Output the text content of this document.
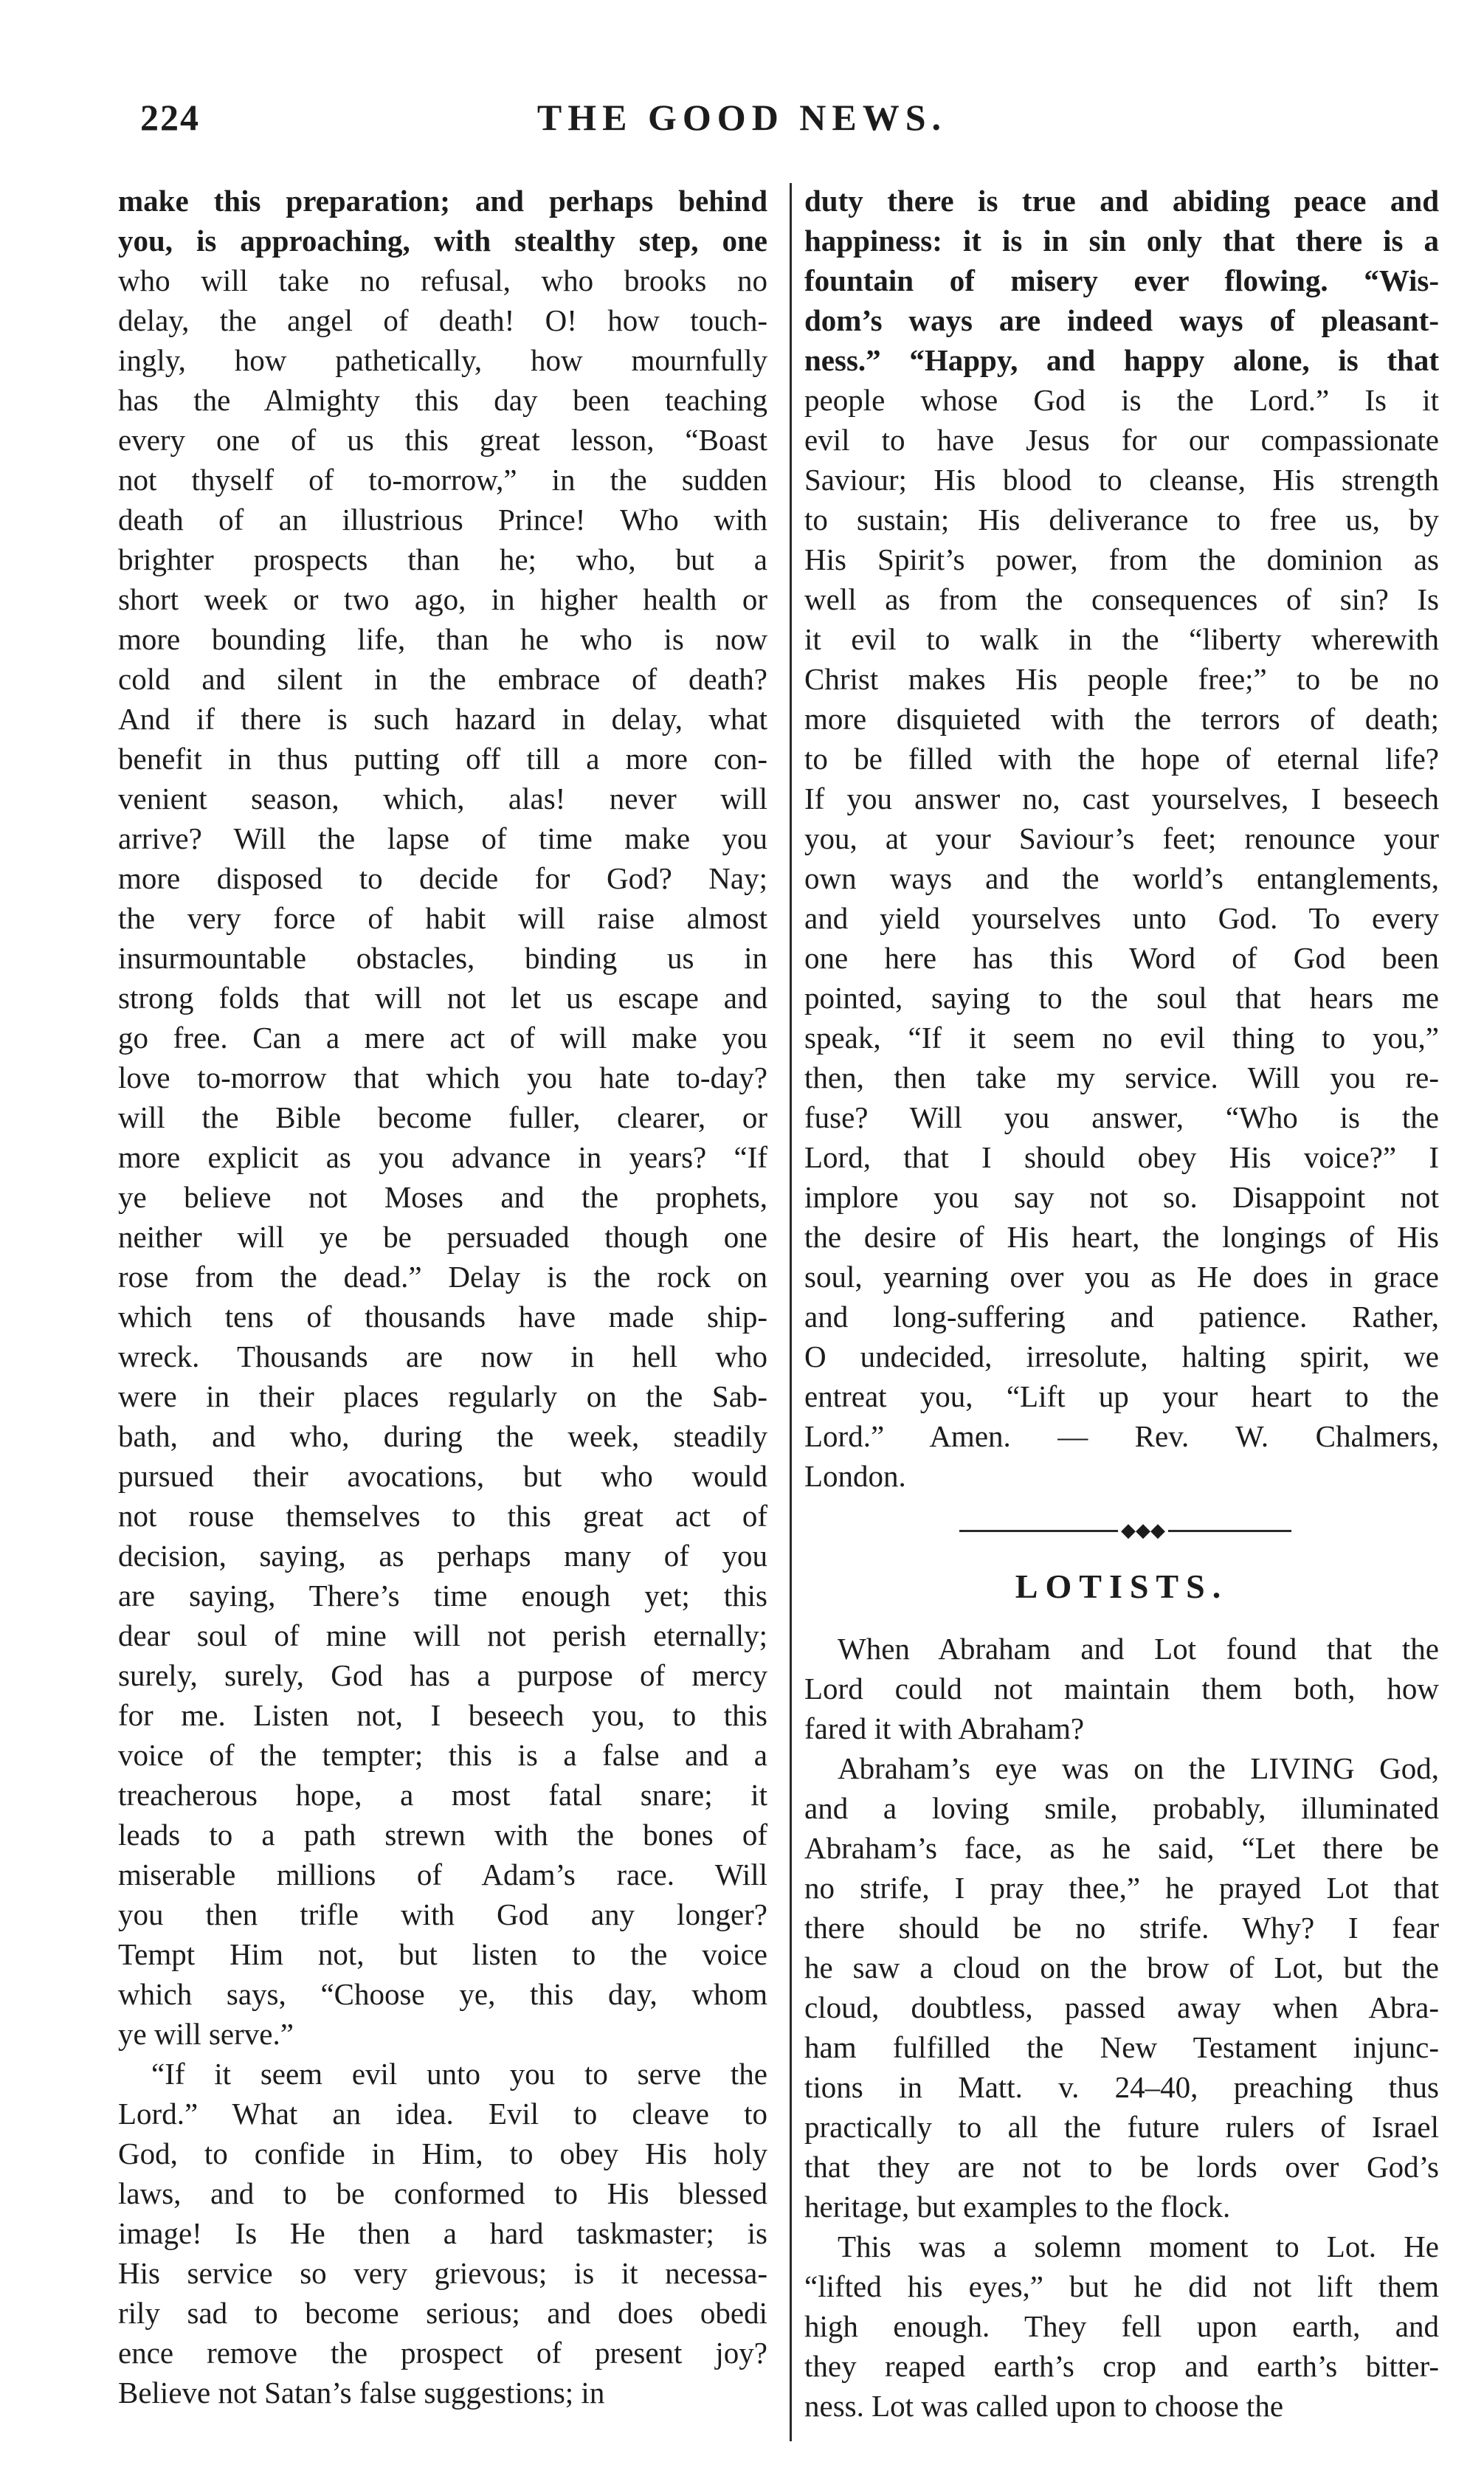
224	THE GOOD NEWS.
make this preparation; and perhaps behind
you, is approaching, with stealthy step, one
who will take no refusal, who brooks no
delay, the angel of death! O! how touch-
ingly, how pathetically, how mournfully
has the Almighty this day been teaching
every one of us this great lesson, “Boast
not thyself of to-morrow,” in the sudden
death of an illustrious Prince! Who with
brighter prospects than he; who, but a
short week or two ago, in higher health or
more bounding life, than he who is now
cold and silent in the embrace of death?
And if there is such hazard in delay, what
benefit in thus putting off till a more con-
venient season, which, alas! never will
arrive? Will the lapse of time make you
more disposed to decide for God? Nay;
the very force of habit will raise almost
insurmountable obstacles, binding us in
strong folds that will not let us escape and
go free. Can a mere act of will make you
love to-morrow that which you hate to-day?
will the Bible become fuller, clearer, or
more explicit as you advance in years? “If
ye believe not Moses and the prophets,
neither will ye be persuaded though one
rose from the dead.” Delay is the rock on
which tens of thousands have made ship-
wreck. Thousands are now in hell who
were in their places regularly on the Sab-
bath, and who, during the week, steadily
pursued their avocations, but who would
not rouse themselves to this great act of
decision, saying, as perhaps many of you
are saying, There’s time enough yet; this
dear soul of mine will not perish eternally;
surely, surely, God has a purpose of mercy
for me. Listen not, I beseech you, to this
voice of the tempter; this is a false and a
treacherous hope, a most fatal snare; it
leads to a path strewn with the bones of
miserable millions of Adam’s race. Will
you then trifle with God any longer?
Tempt Him not, but listen to the voice
which says, “Choose ye, this day, whom
ye will serve.”
“If it seem evil unto you to serve the
Lord.” What an idea. Evil to cleave to
God, to confide in Him, to obey His holy
laws, and to be conformed to His blessed
image! Is He then a hard taskmaster; is
His service so very grievous; is it necessa-
rily sad to become serious; and does obedi
ence remove the prospect of present joy?
Believe not Satan’s false suggestions; in
duty there is true and abiding peace and
happiness: it is in sin only that there is a
fountain of misery ever flowing. “Wis-
dom’s ways are indeed ways of pleasant-
ness.” “Happy, and happy alone, is that
people whose God is the Lord.” Is it
evil to have Jesus for our compassionate
Saviour; His blood to cleanse, His strength
to sustain; His deliverance to free us, by
His Spirit’s power, from the dominion as
well as from the consequences of sin? Is
it evil to walk in the “liberty wherewith
Christ makes His people free;” to be no
more disquieted with the terrors of death;
to be filled with the hope of eternal life?
If you answer no, cast yourselves, I beseech
you, at your Saviour’s feet; renounce your
own ways and the world’s entanglements,
and yield yourselves unto God. To every
one here has this Word of God been
pointed, saying to the soul that hears me
speak, “If it seem no evil thing to you,”
then, then take my service. Will you re-
fuse? Will you answer, “Who is the
Lord, that I should obey His voice?” I
implore you say not so. Disappoint not
the desire of His heart, the longings of His
soul, yearning over you as He does in grace
and long-suffering and patience. Rather,
O undecided, irresolute, halting spirit, we
entreat you, “Lift up your heart to the
Lord.” Amen. — Rev. W. Chalmers,
London.
◆◆◆
LOTISTS.
When Abraham and Lot found that the
Lord could not maintain them both, how
fared it with Abraham?
Abraham’s eye was on the LIVING God,
and a loving smile, probably, illuminated
Abraham’s face, as he said, “Let there be
no strife, I pray thee,” he prayed Lot that
there should be no strife. Why? I fear
he saw a cloud on the brow of Lot, but the
cloud, doubtless, passed away when Abra-
ham fulfilled the New Testament injunc-
tions in Matt. v. 24–40, preaching thus
practically to all the future rulers of Israel
that they are not to be lords over God’s
heritage, but examples to the flock.
This was a solemn moment to Lot. He
“lifted his eyes,” but he did not lift them
high enough. They fell upon earth, and
they reaped earth’s crop and earth’s bitter-
ness. Lot was called upon to choose the
